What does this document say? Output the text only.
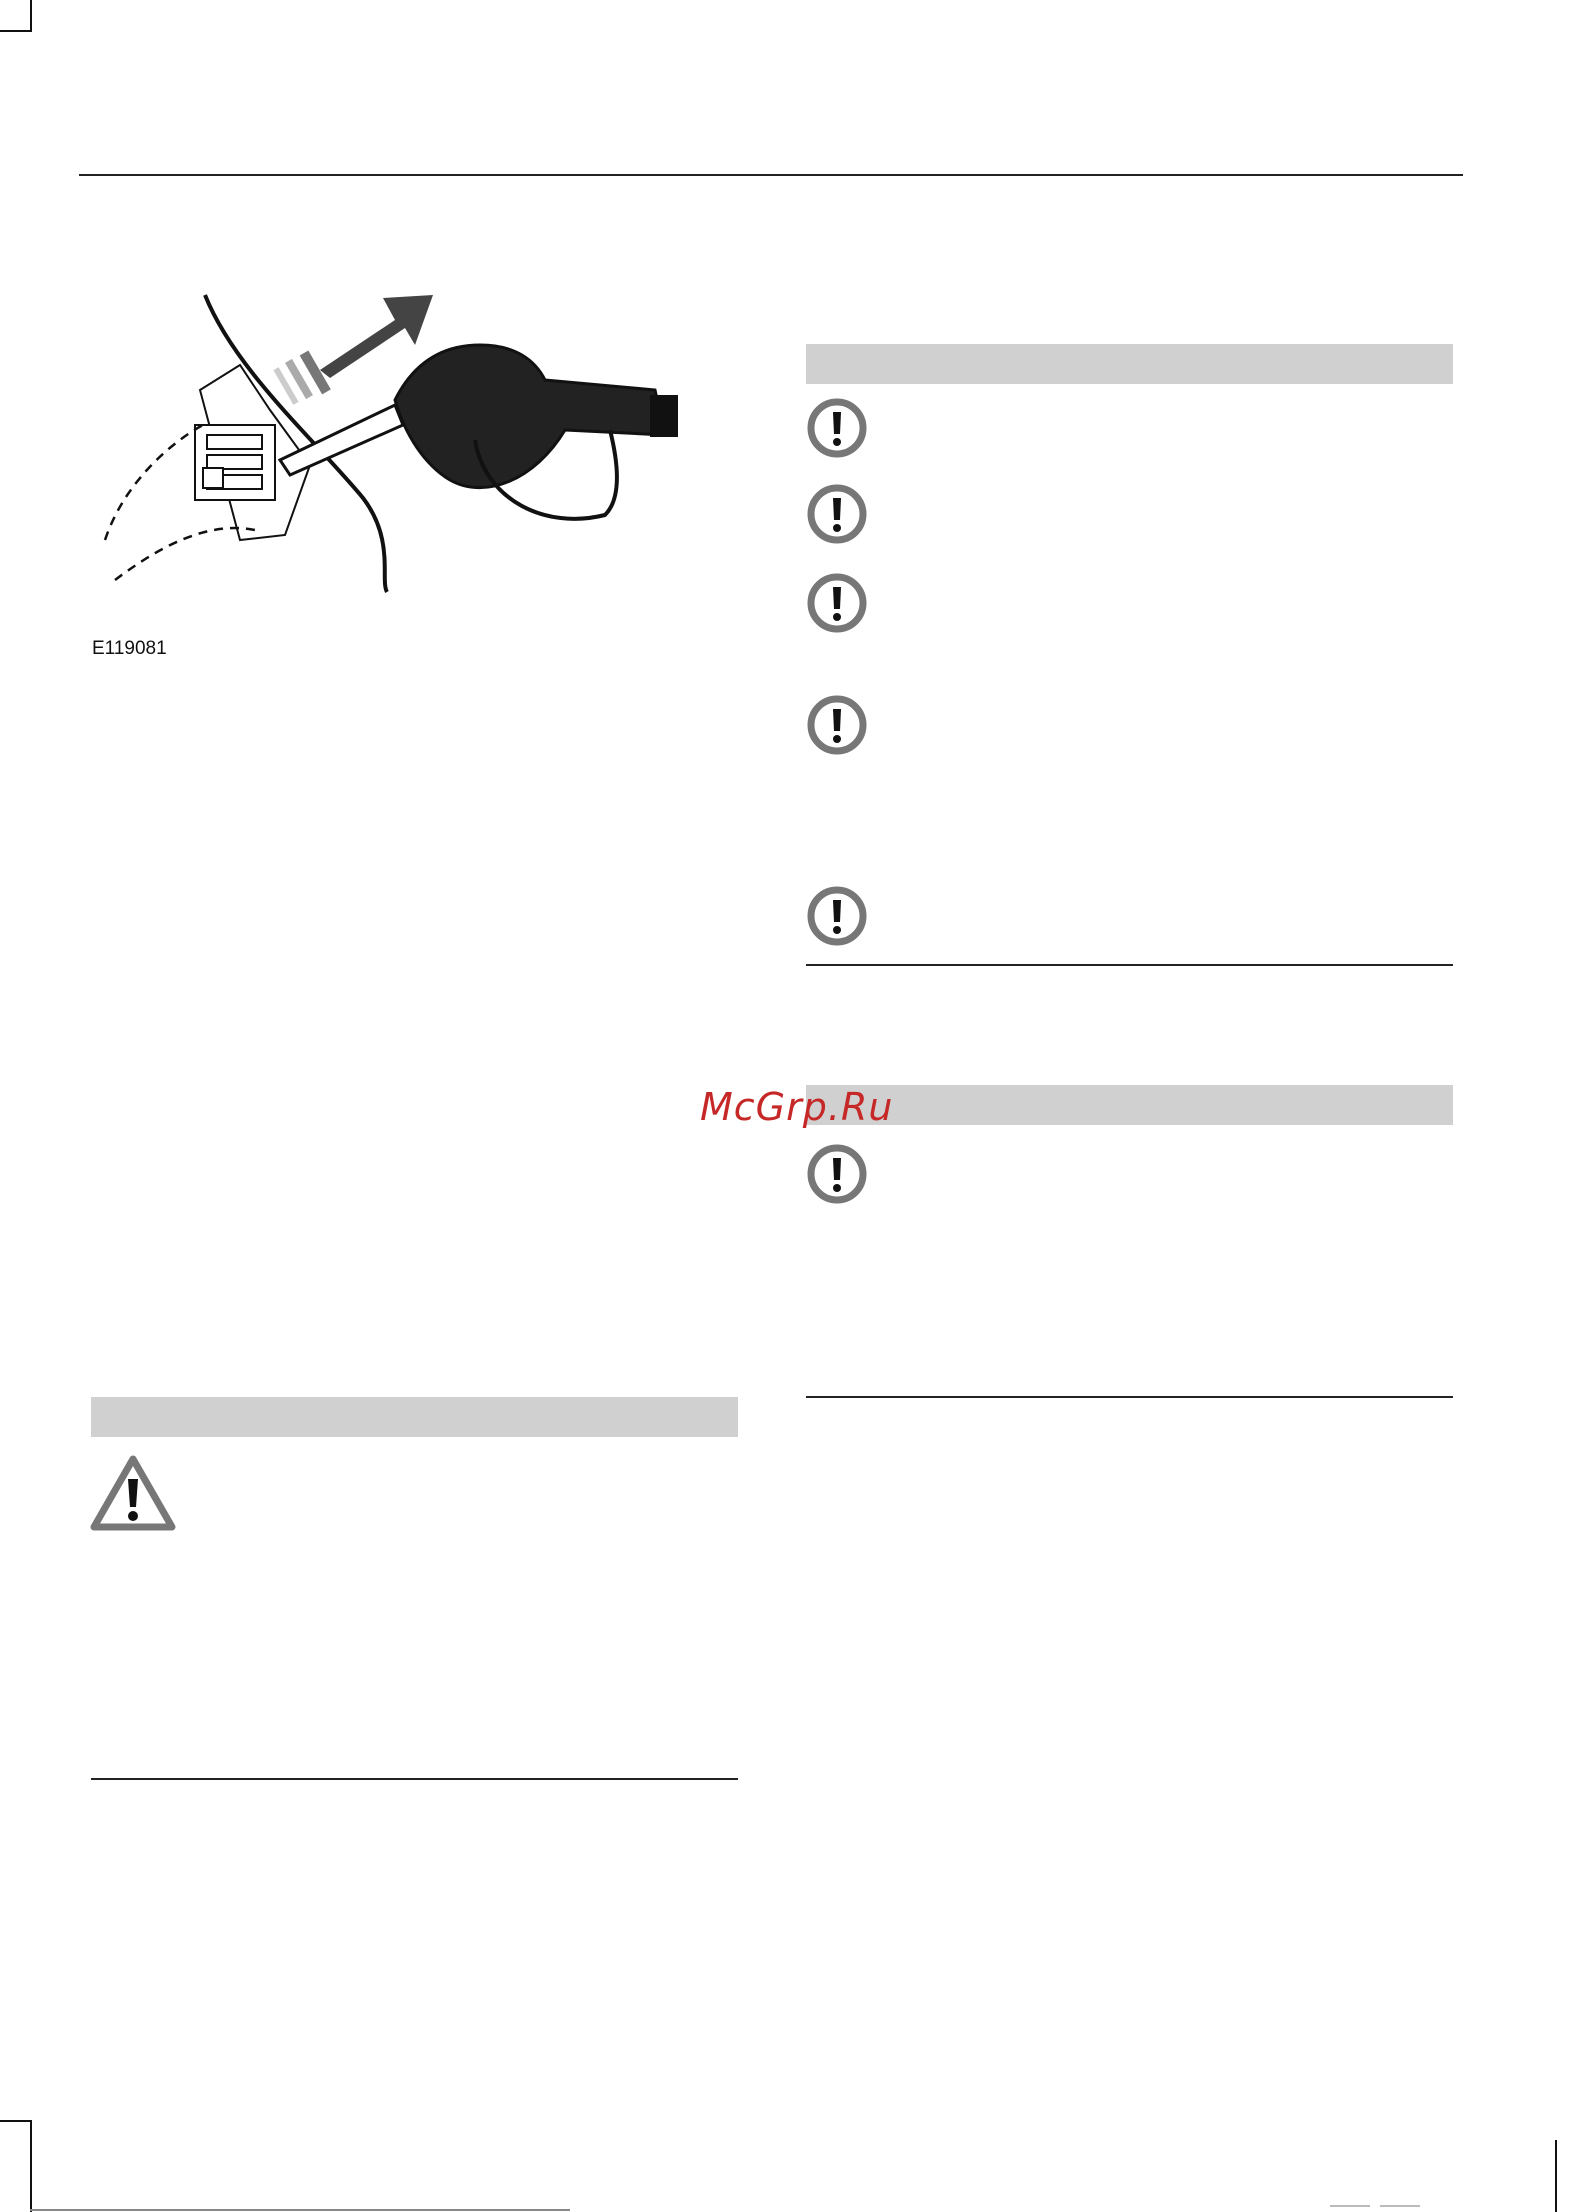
E119081
McGrp.Ru
